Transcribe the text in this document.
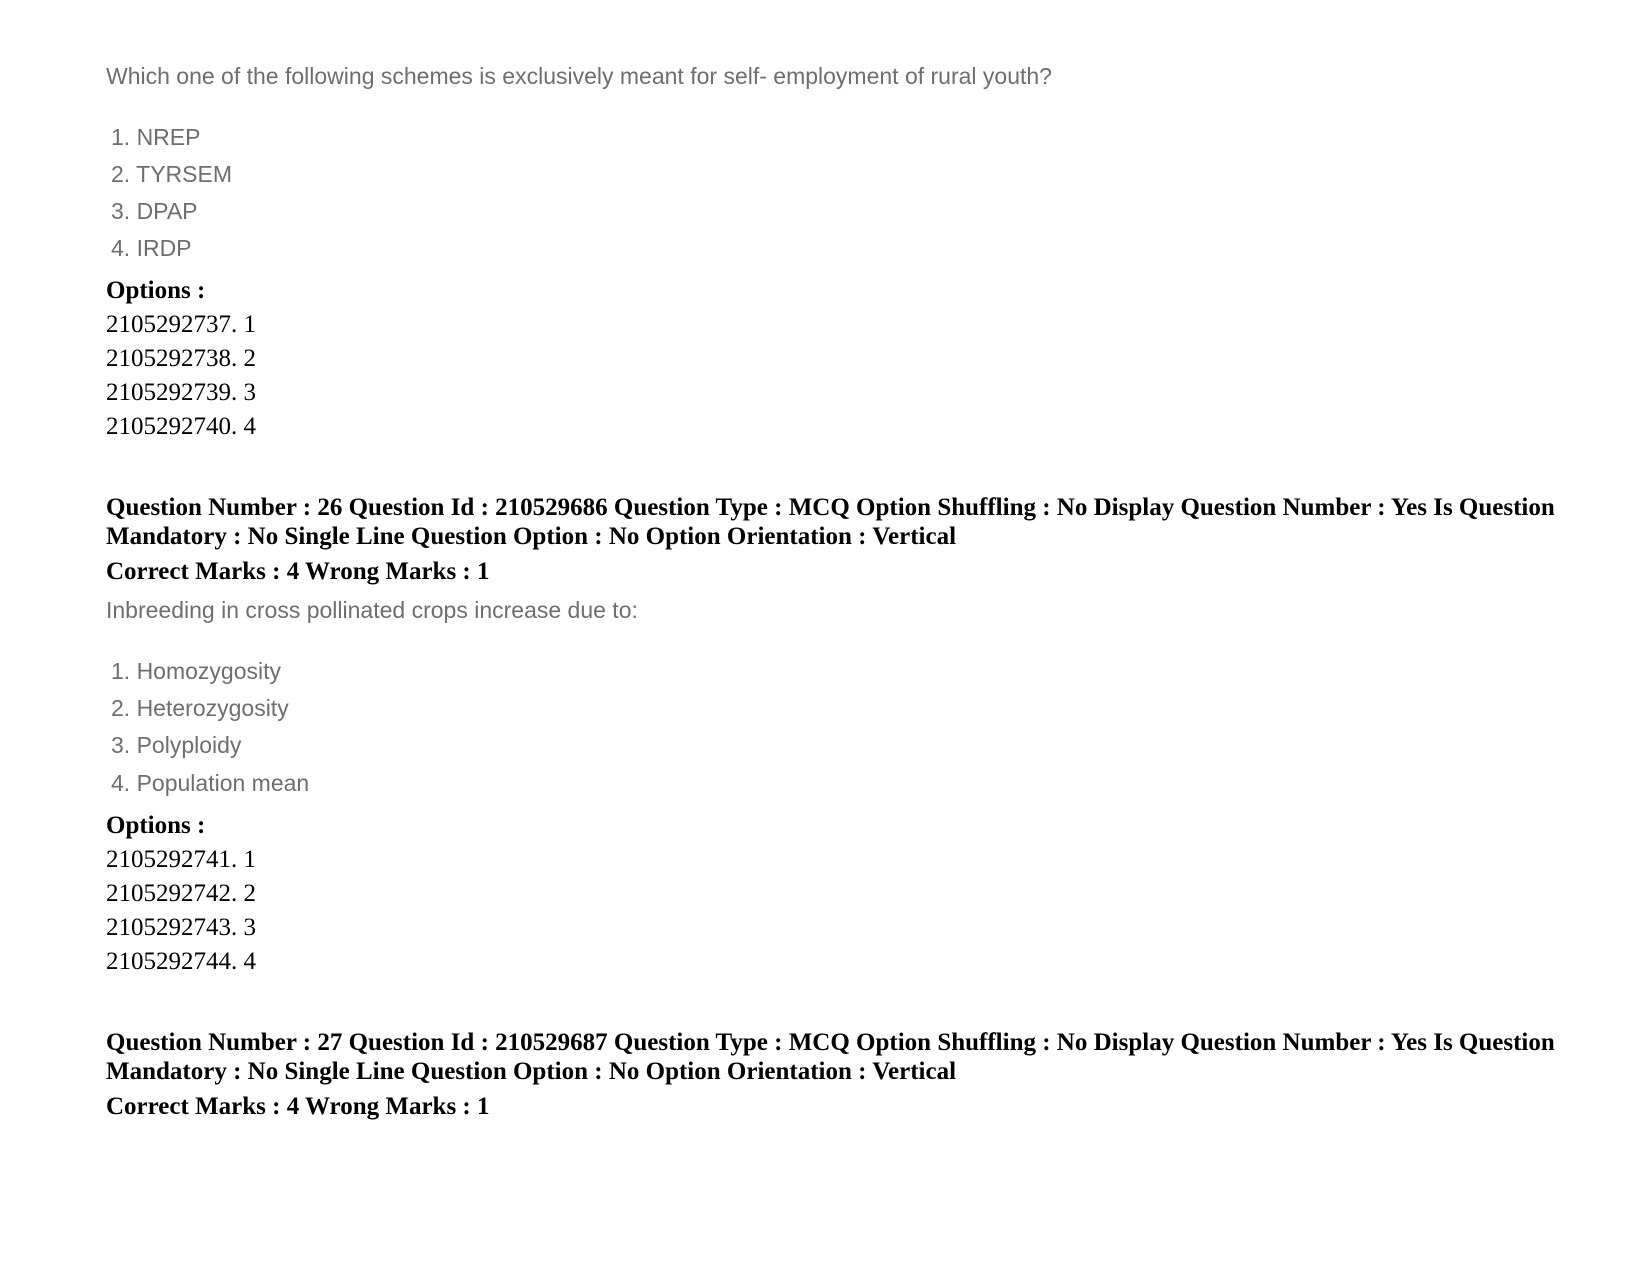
Which one of the following schemes is exclusively meant for self- employment of rural youth?
1. NREP
2. TYRSEM
3. DPAP
4. IRDP
Options :
2105292737. 1
2105292738. 2
2105292739. 3
2105292740. 4
Question Number : 26 Question Id : 210529686 Question Type : MCQ Option Shuffling : No Display Question Number : Yes Is Question Mandatory : No Single Line Question Option : No Option Orientation : Vertical
Correct Marks : 4 Wrong Marks : 1
Inbreeding in cross pollinated crops increase due to:
1. Homozygosity
2. Heterozygosity
3. Polyploidy
4. Population mean
Options :
2105292741. 1
2105292742. 2
2105292743. 3
2105292744. 4
Question Number : 27 Question Id : 210529687 Question Type : MCQ Option Shuffling : No Display Question Number : Yes Is Question Mandatory : No Single Line Question Option : No Option Orientation : Vertical
Correct Marks : 4 Wrong Marks : 1
